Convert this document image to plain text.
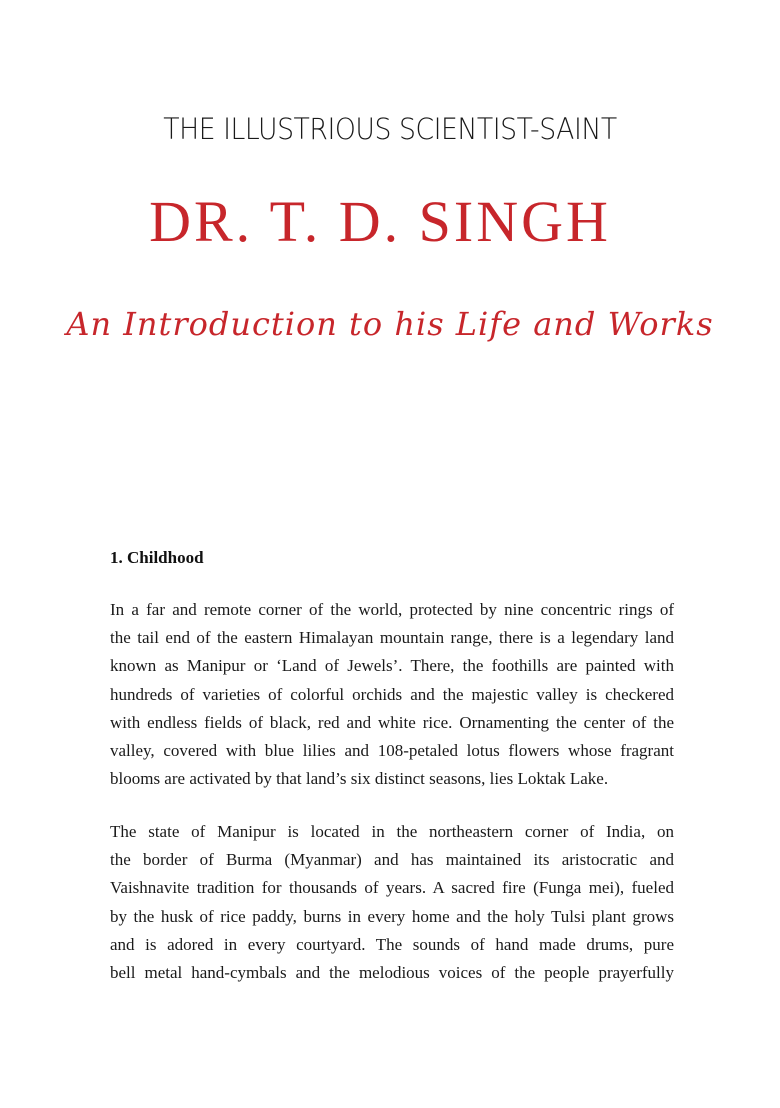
THE ILLUSTRIOUS SCIENTIST-SAINT
DR. T. D. SINGH
An Introduction to his Life and Works
1. Childhood
In a far and remote corner of the world, protected by nine concentric rings of
the tail end of the eastern Himalayan mountain range, there is a legendary land
known as Manipur or ‘Land of Jewels’. There, the foothills are painted with
hundreds of varieties of colorful orchids and the majestic valley is checkered
with endless fields of black, red and white rice. Ornamenting the center of the
valley, covered with blue lilies and 108-petaled lotus flowers whose fragrant
blooms are activated by that land’s six distinct seasons, lies Loktak Lake.
The state of Manipur is located in the northeastern corner of India, on
the border of Burma (Myanmar) and has maintained its aristocratic and
Vaishnavite tradition for thousands of years. A sacred fire (Funga mei), fueled
by the husk of rice paddy, burns in every home and the holy Tulsi plant grows
and is adored in every courtyard. The sounds of hand made drums, pure
bell metal hand-cymbals and the melodious voices of the people prayerfully
